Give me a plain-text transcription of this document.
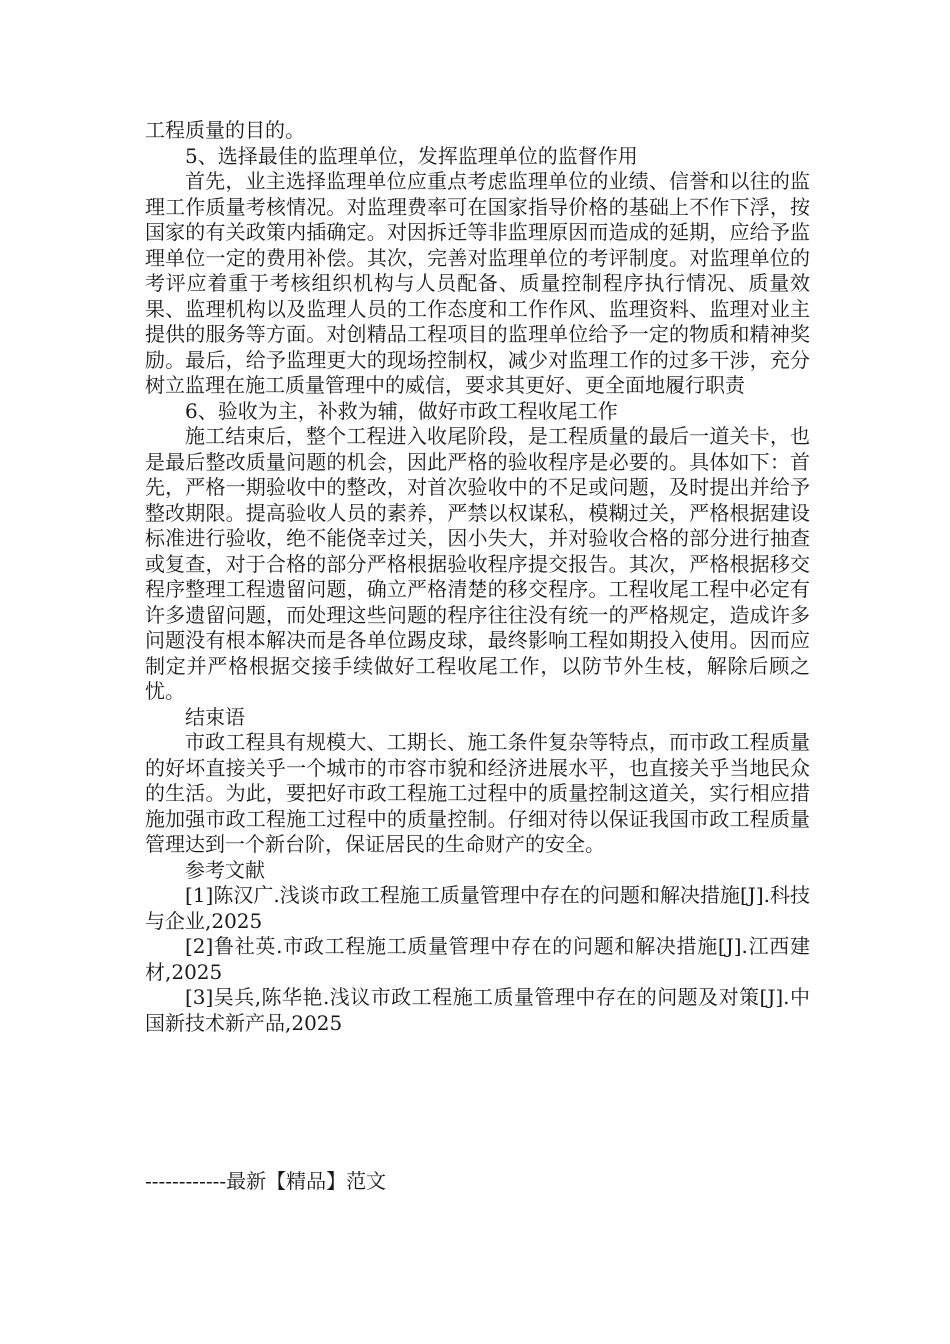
工程质量的目的。

5、选择最佳的监理单位，发挥监理单位的监督作用

首先，业主选择监理单位应重点考虑监理单位的业绩、信誉和以往的监理工作质量考核情况。对监理费率可在国家指导价格的基础上不作下浮，按国家的有关政策内插确定。对因拆迁等非监理原因而造成的延期，应给予监理单位一定的费用补偿。其次，完善对监理单位的考评制度。对监理单位的考评应着重于考核组织机构与人员配备、质量控制程序执行情况、质量效果、监理机构以及监理人员的工作态度和工作作风、监理资料、监理对业主提供的服务等方面。对创精品工程项目的监理单位给予一定的物质和精神奖励。最后，给予监理更大的现场控制权，减少对监理工作的过多干涉，充分树立监理在施工质量管理中的威信，要求其更好、更全面地履行职责

6、验收为主，补救为辅，做好市政工程收尾工作

施工结束后，整个工程进入收尾阶段，是工程质量的最后一道关卡，也是最后整改质量问题的机会，因此严格的验收程序是必要的。具体如下：首先，严格一期验收中的整改，对首次验收中的不足或问题，及时提出并给予整改期限。提高验收人员的素养，严禁以权谋私，模糊过关，严格根据建设标准进行验收，绝不能侥幸过关，因小失大，并对验收合格的部分进行抽查或复查，对于合格的部分严格根据验收程序提交报告。其次，严格根据移交程序整理工程遗留问题，确立严格清楚的移交程序。工程收尾工程中必定有许多遗留问题，而处理这些问题的程序往往没有统一的严格规定，造成许多问题没有根本解决而是各单位踢皮球，最终影响工程如期投入使用。因而应制定并严格根据交接手续做好工程收尾工作，以防节外生枝，解除后顾之忧。

结束语

市政工程具有规模大、工期长、施工条件复杂等特点，而市政工程质量的好坏直接关乎一个城市的市容市貌和经济进展水平，也直接关乎当地民众的生活。为此，要把好市政工程施工过程中的质量控制这道关，实行相应措施加强市政工程施工过程中的质量控制。仔细对待以保证我国市政工程质量管理达到一个新台阶，保证居民的生命财产的安全。

参考文献

[1]陈汉广.浅谈市政工程施工质量管理中存在的问题和解决措施[J].科技与企业,2025

[2]鲁社英.市政工程施工质量管理中存在的问题和解决措施[J].江西建材,2025

[3]吴兵,陈华艳.浅议市政工程施工质量管理中存在的问题及对策[J].中国新技术新产品,2025

------------最新【精品】范文
